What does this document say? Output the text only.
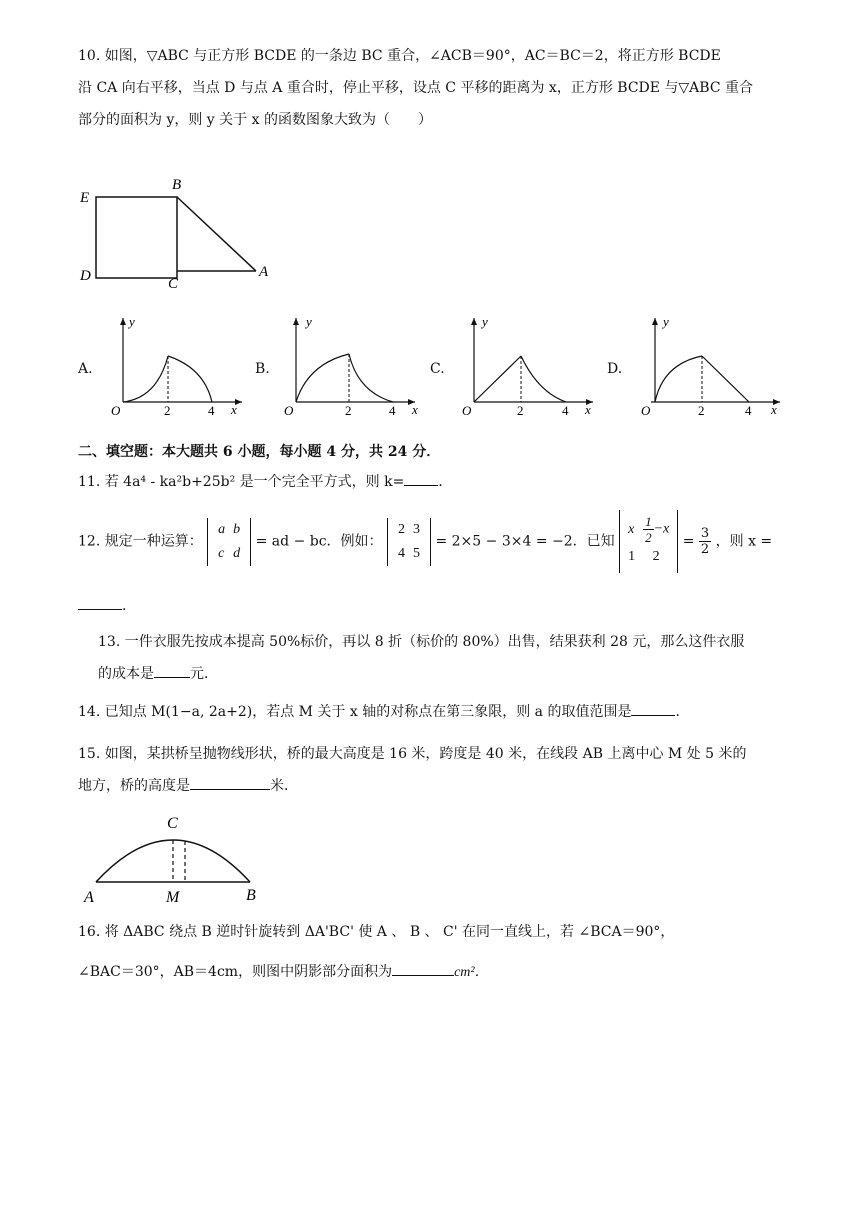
10. 如图，▽ABC 与正方形 BCDE 的一条边 BC 重合，∠ACB＝90°，AC＝BC＝2，将正方形 BCDE
沿 CA 向右平移，当点 D 与点 A 重合时，停止平移，设点 C 平移的距离为 x，正方形 BCDE 与▽ABC 重合
部分的面积为 y，则 y 关于 x 的函数图象大致为（　　）
E
B
D	C
A
A.
y
O	2	4 x
B.
y
O	2	4 x
C.
y
O	2	4 x
D.
y
O	2	4 x
二、填空题：本大题共 6 小题，每小题 4 分，共 24 分．
11. 若 4a⁴ - ka²b+25b² 是一个完全平方式，则 k= ．
12. 规定一种运算： a	b
c	d = ad − bc．例如： 2	3
4	5 = 2×5 − 3×4 = −2．已知 x	$\frac{1}{2} -x$
1	$2 = \frac{3}{2}$ ，则 x =
．
13. 一件衣服先按成本提高 50%标价，再以 8 折（标价的 80%）出售，结果获利 28 元，那么这件衣服
的成本是	元．
14. 已知点 M(1−a, 2a+2)，若点 M 关于 x 轴的对称点在第三象限，则 a 的取值范围是	．
15. 如图，某拱桥呈抛物线形状，桥的最大高度是 16 米，跨度是 40 米，在线段 AB 上离中心 M 处 5 米的
地方，桥的高度是	米．
C
A	M	B
16. 将 ΔABC 绕点 B 逆时针旋转到 ΔA'BC' 使 A 、 B 、 C' 在同一直线上，若 ∠BCA＝90°，
∠BAC＝30°，AB＝4cm，则图中阴影部分面积为	cm²．
